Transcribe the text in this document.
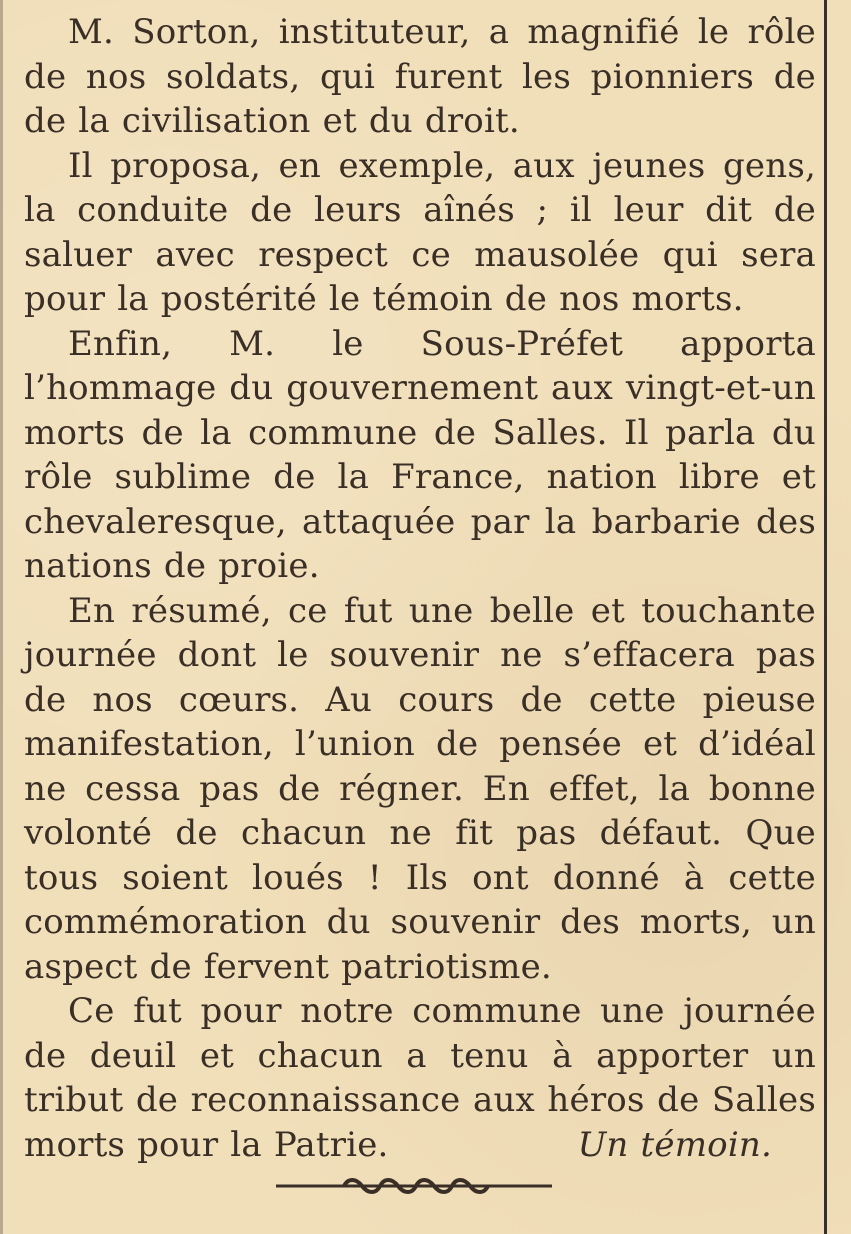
M. Sorton, instituteur, a magnifié le rôle de nos soldats, qui furent les pionniers de de la civilisation et du droit.

Il proposa, en exemple, aux jeunes gens, la conduite de leurs aînés ; il leur dit de saluer avec respect ce mausolée qui sera pour la postérité le témoin de nos morts.

Enfin, M. le Sous-Préfet apporta l’hommage du gouvernement aux vingt-et-un morts de la commune de Salles. Il parla du rôle sublime de la France, nation libre et chevaleresque, attaquée par la barbarie des nations de proie.

En résumé, ce fut une belle et touchante journée dont le souvenir ne s’effacera pas de nos cœurs. Au cours de cette pieuse manifestation, l’union de pensée et d’idéal ne cessa pas de régner. En effet, la bonne volonté de chacun ne fit pas défaut. Que tous soient loués ! Ils ont donné à cette commémoration du souvenir des morts, un aspect de fervent patriotisme.

Ce fut pour notre commune une journée de deuil et chacun a tenu à apporter un tribut de reconnaissance aux héros de Salles morts pour la Patrie.	Un témoin.
